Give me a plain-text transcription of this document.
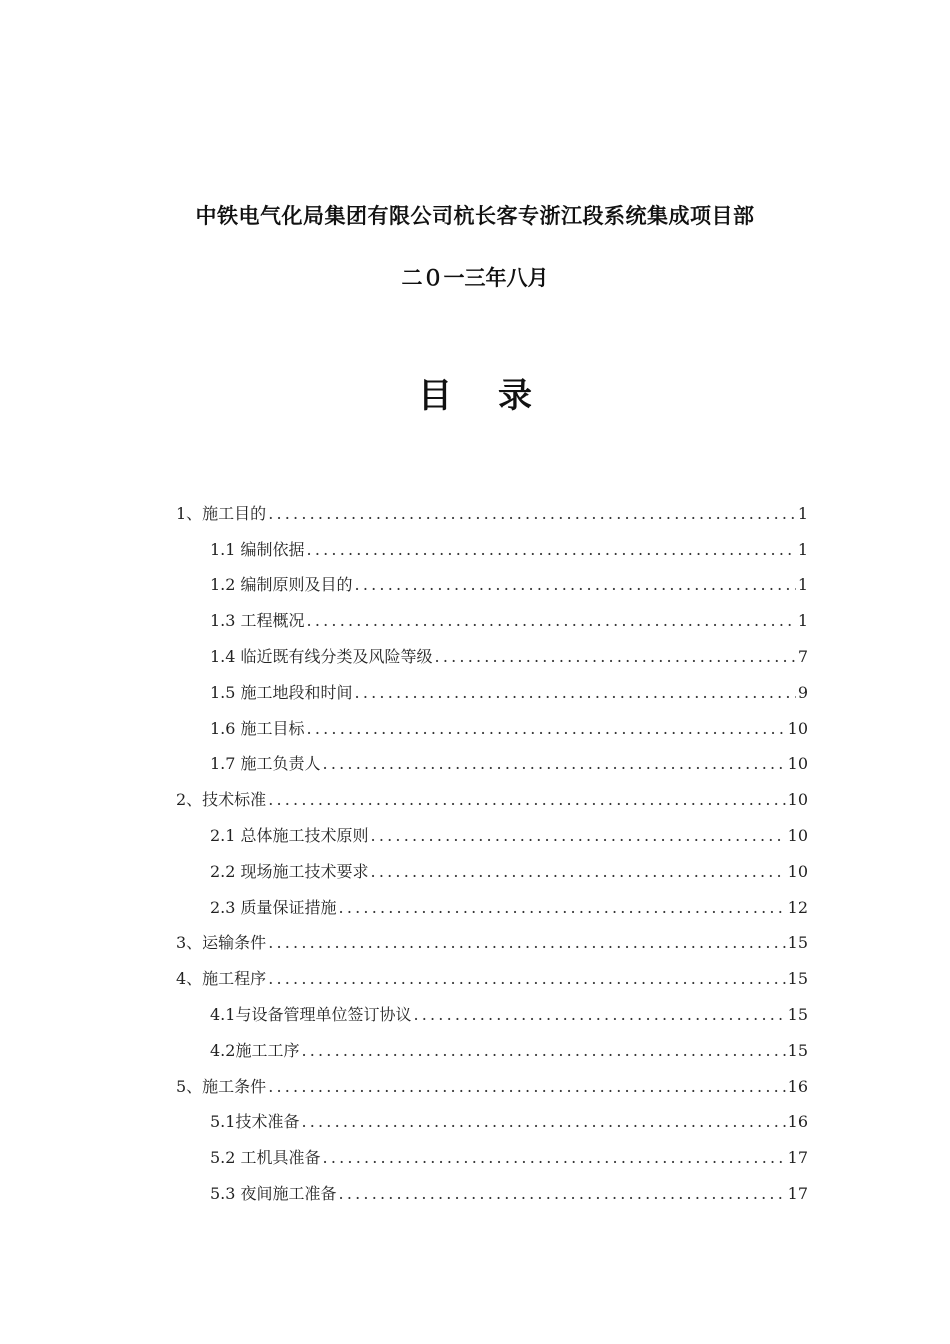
中铁电气化局集团有限公司杭长客专浙江段系统集成项目部

二０一三年八月

目录
1、施工目的 .....	1
1.1 编制依据 .....	1
1.2 编制原则及目的 .....	1
1.3 工程概况 .....	1
1.4 临近既有线分类及风险等级 .....	7
1.5 施工地段和时间 .....	9
1.6 施工目标 .....	10
1.7 施工负责人 .....	10
2、技术标准 .....	10
2.1 总体施工技术原则 .....	10
2.2 现场施工技术要求 .....	10
2.3 质量保证措施 .....	12
3、运输条件 .....	15
4、施工程序 .....	15
4.1与设备管理单位签订协议 .....	15
4.2施工工序 .....	15
5、施工条件 .....	16
5.1技术准备 .....	16
5.2 工机具准备 .....	17
5.3 夜间施工准备 .....	17
